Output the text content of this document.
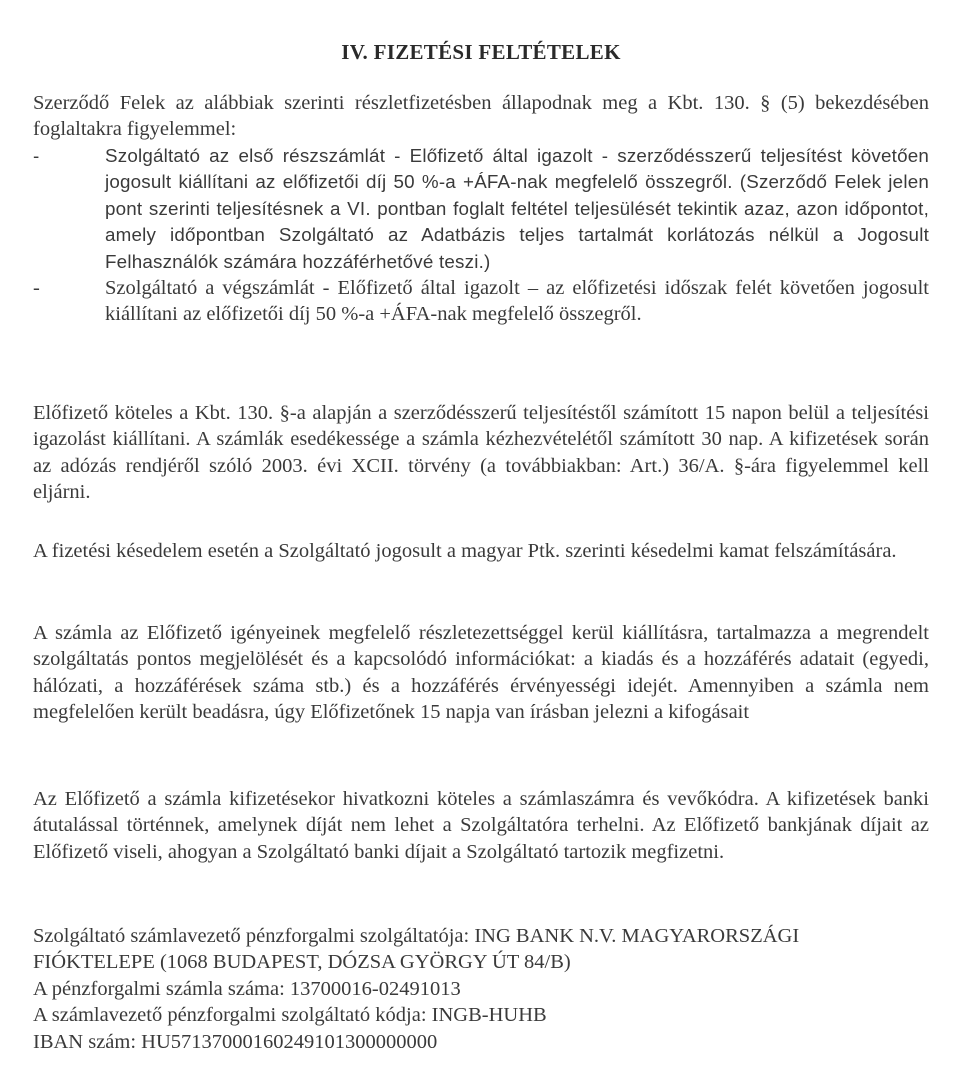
IV. FIZETÉSI FELTÉTELEK

Szerződő Felek az alábbiak szerinti részletfizetésben állapodnak meg a Kbt. 130. § (5) bekezdésében foglaltakra figyelemmel:

-	Szolgáltató az első részszámlát - Előfizető által igazolt - szerződésszerű teljesítést követően jogosult kiállítani az előfizetői díj 50 %-a +ÁFA-nak megfelelő összegről. (Szerződő Felek jelen pont szerinti teljesítésnek a VI. pontban foglalt feltétel teljesülését tekintik azaz, azon időpontot, amely időpontban Szolgáltató az Adatbázis teljes tartalmát korlátozás nélkül a Jogosult Felhasználók számára hozzáférhetővé teszi.)
-	Szolgáltató a végszámlát - Előfizető által igazolt – az előfizetési időszak felét követően jogosult kiállítani az előfizetői díj 50 %-a +ÁFA-nak megfelelő összegről.

Előfizető köteles a Kbt. 130. §-a alapján a szerződésszerű teljesítéstől számított 15 napon belül a teljesítési igazolást kiállítani. A számlák esedékessége a számla kézhezvételétől számított 30 nap. A kifizetések során az adózás rendjéről szóló 2003. évi XCII. törvény (a továbbiakban: Art.) 36/A. §-ára figyelemmel kell eljárni.

A fizetési késedelem esetén a Szolgáltató jogosult a magyar Ptk. szerinti késedelmi kamat felszámítására.

A számla az Előfizető igényeinek megfelelő részletezettséggel kerül kiállításra, tartalmazza a megrendelt szolgáltatás pontos megjelölését és a kapcsolódó információkat: a kiadás és a hozzáférés adatait (egyedi, hálózati, a hozzáférések száma stb.) és a hozzáférés érvényességi idejét. Amennyiben a számla nem megfelelően került beadásra, úgy Előfizetőnek 15 napja van írásban jelezni a kifogásait

Az Előfizető a számla kifizetésekor hivatkozni köteles a számlaszámra és vevőkódra. A kifizetések banki átutalással történnek, amelynek díját nem lehet a Szolgáltatóra terhelni. Az Előfizető bankjának díjait az Előfizető viseli, ahogyan a Szolgáltató banki díjait a Szolgáltató tartozik megfizetni.

Szolgáltató számlavezető pénzforgalmi szolgáltatója: ING BANK N.V. MAGYARORSZÁGI
FIÓKTELEPE (1068 BUDAPEST, DÓZSA GYÖRGY ÚT 84/B)
A pénzforgalmi számla száma: 13700016-02491013
A számlavezető pénzforgalmi szolgáltató kódja: INGB-HUHB
IBAN szám: HU57137000160249101300000000
